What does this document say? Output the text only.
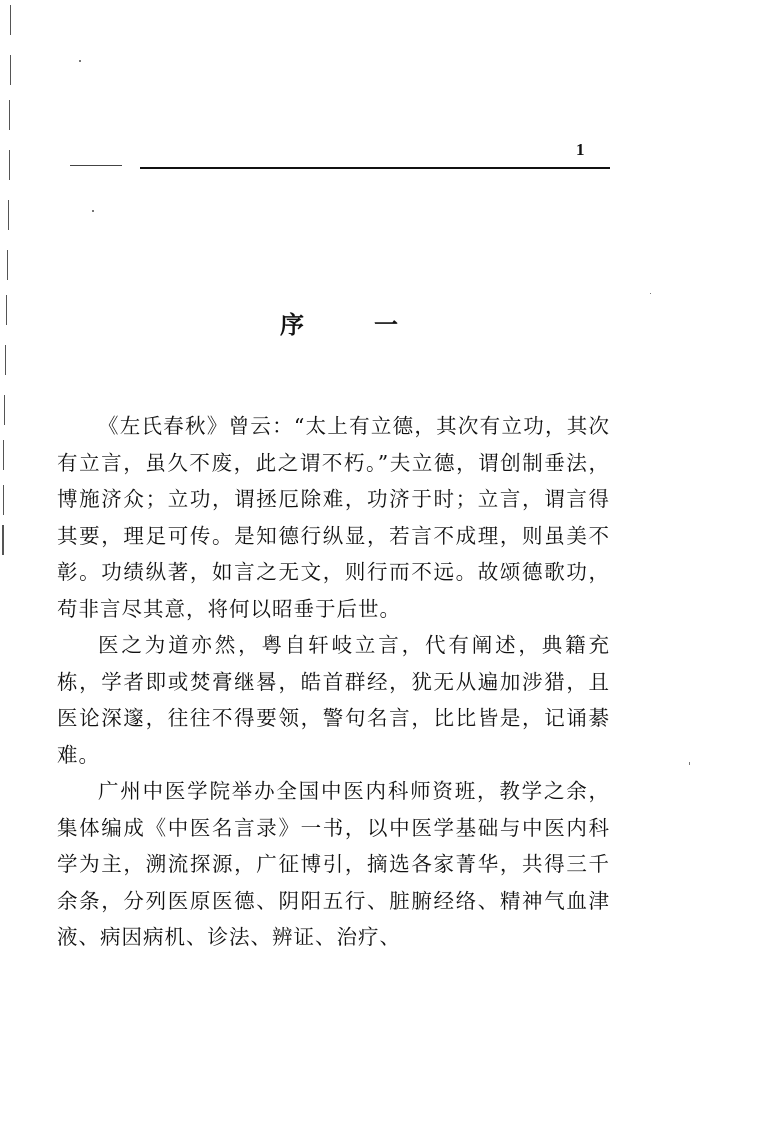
1
序	一

《左氏春秋》曾云：“太上有立德，其次有立功，其次有立言，虽久不废，此之谓不朽。”夫立德，谓创制垂法，博施济众；立功，谓拯厄除难，功济于时；立言，谓言得其要，理足可传。是知德行纵显，若言不成理，则虽美不彰。功绩纵著，如言之无文，则行而不远。故颂德歌功，苟非言尽其意，将何以昭垂于后世。

医之为道亦然，粤自轩岐立言，代有阐述，典籍充栋，学者即或焚膏继晷，皓首群经，犹无从遍加涉猎，且医论深邃，往往不得要领，警句名言，比比皆是，记诵綦难。

广州中医学院举办全国中医内科师资班，教学之余，集体编成《中医名言录》一书，以中医学基础与中医内科学为主，溯流探源，广征博引，摘选各家菁华，共得三千余条，分列医原医德、阴阳五行、脏腑经络、精神气血津液、病因病机、诊法、辨证、治疗、
